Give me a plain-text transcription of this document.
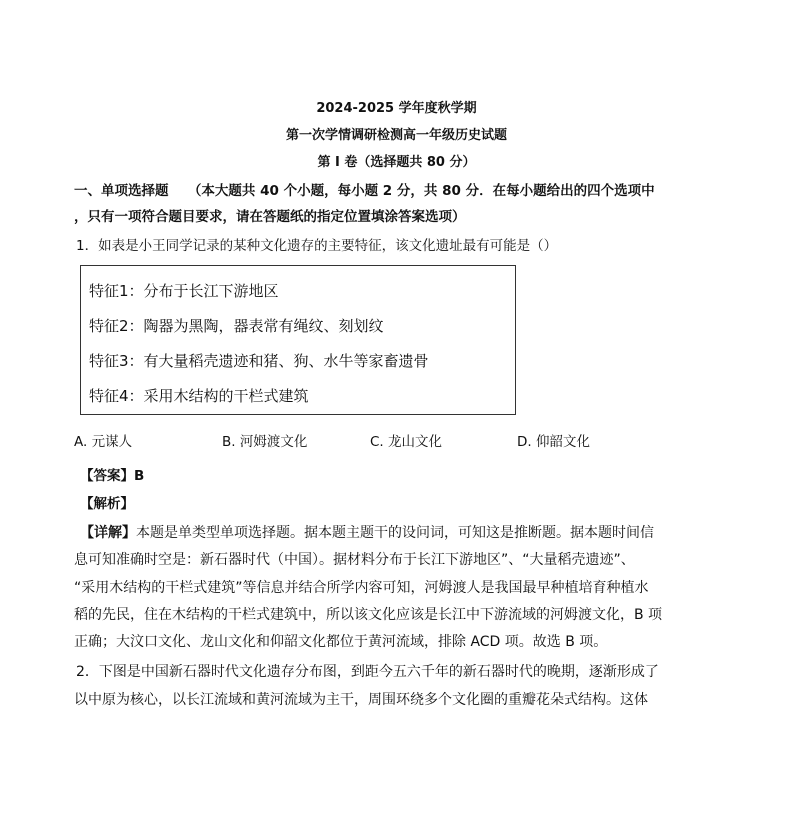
2024-2025 学年度秋学期
第一次学情调研检测高一年级历史试题
第 I 卷（选择题共 80 分）
一、单项选择题 （本大题共 40 个小题，每小题 2 分，共 80 分．在每小题给出的四个选项中
，只有一项符合题目要求，请在答题纸的指定位置填涂答案选项）
1．如表是小王同学记录的某种文化遗存的主要特征，该文化遗址最有可能是（）
特征1：分布于长江下游地区
特征2：陶器为黑陶，器表常有绳纹、刻划纹
特征3：有大量稻壳遗迹和猪、狗、水牛等家畜遗骨
特征4：采用木结构的干栏式建筑
A. 元谋人	B. 河姆渡文化	C. 龙山文化	D. 仰韶文化
【答案】B
【解析】
【详解】本题是单类型单项选择题。据本题主题干的设问词，可知这是推断题。据本题时间信
息可知准确时空是：新石器时代（中国）。据材料分布于长江下游地区”、“大量稻壳遗迹”、
“采用木结构的干栏式建筑”等信息并结合所学内容可知，河姆渡人是我国最早种植培育种植水
稻的先民，住在木结构的干栏式建筑中，所以该文化应该是长江中下游流域的河姆渡文化，B 项
正确；大汶口文化、龙山文化和仰韶文化都位于黄河流域，排除 ACD 项。故选 B 项。
2．下图是中国新石器时代文化遗存分布图，到距今五六千年的新石器时代的晚期，逐渐形成了
以中原为核心，以长江流域和黄河流域为主干，周围环绕多个文化圈的重瓣花朵式结构。这体
